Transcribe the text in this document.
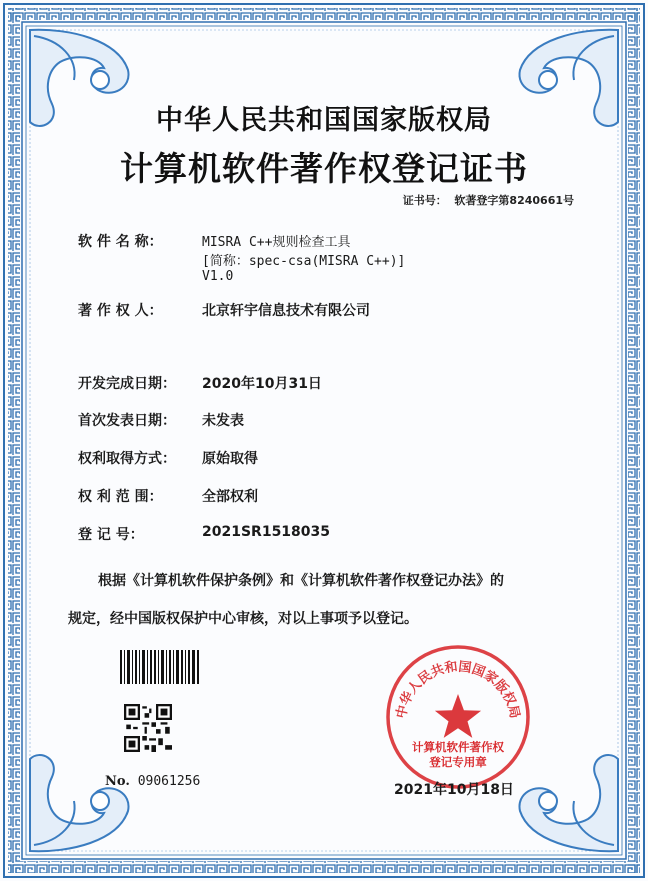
中华人民共和国国家版权局
计算机软件著作权登记证书
证书号： 软著登字第8240661号
软 件 名 称：	MISRA C++规则检查工具
[简称：spec-csa(MISRA C++)]
V1.0
著 作 权 人：	北京轩宇信息技术有限公司
开发完成日期：	2020年10月31日
首次发表日期：	未发表
权利取得方式：	原始取得
权 利 范 围：	全部权利
登 记 号：	2021SR1518035
根据《计算机软件保护条例》和《计算机软件著作权登记办法》的
规定，经中国版权保护中心审核，对以上事项予以登记。
No. 09061256
中华人民共和国国家版权局
计算机软件著作权
登记专用章
2021年10月18日
